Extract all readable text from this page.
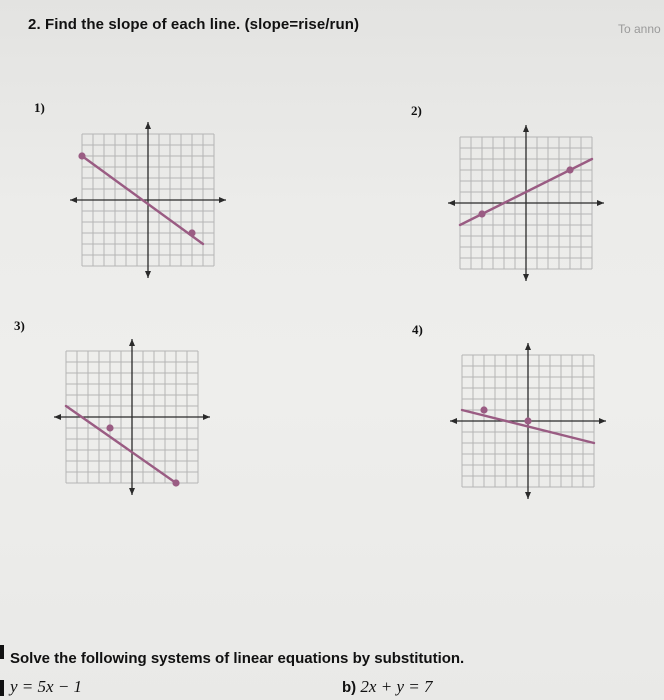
2. Find the slope of each line. (slope=rise/run)	To anno
1)	2)
3)	4)
Solve the following systems of linear equations by substitution.
y = 5x − 1	b) 2x + y = 7
